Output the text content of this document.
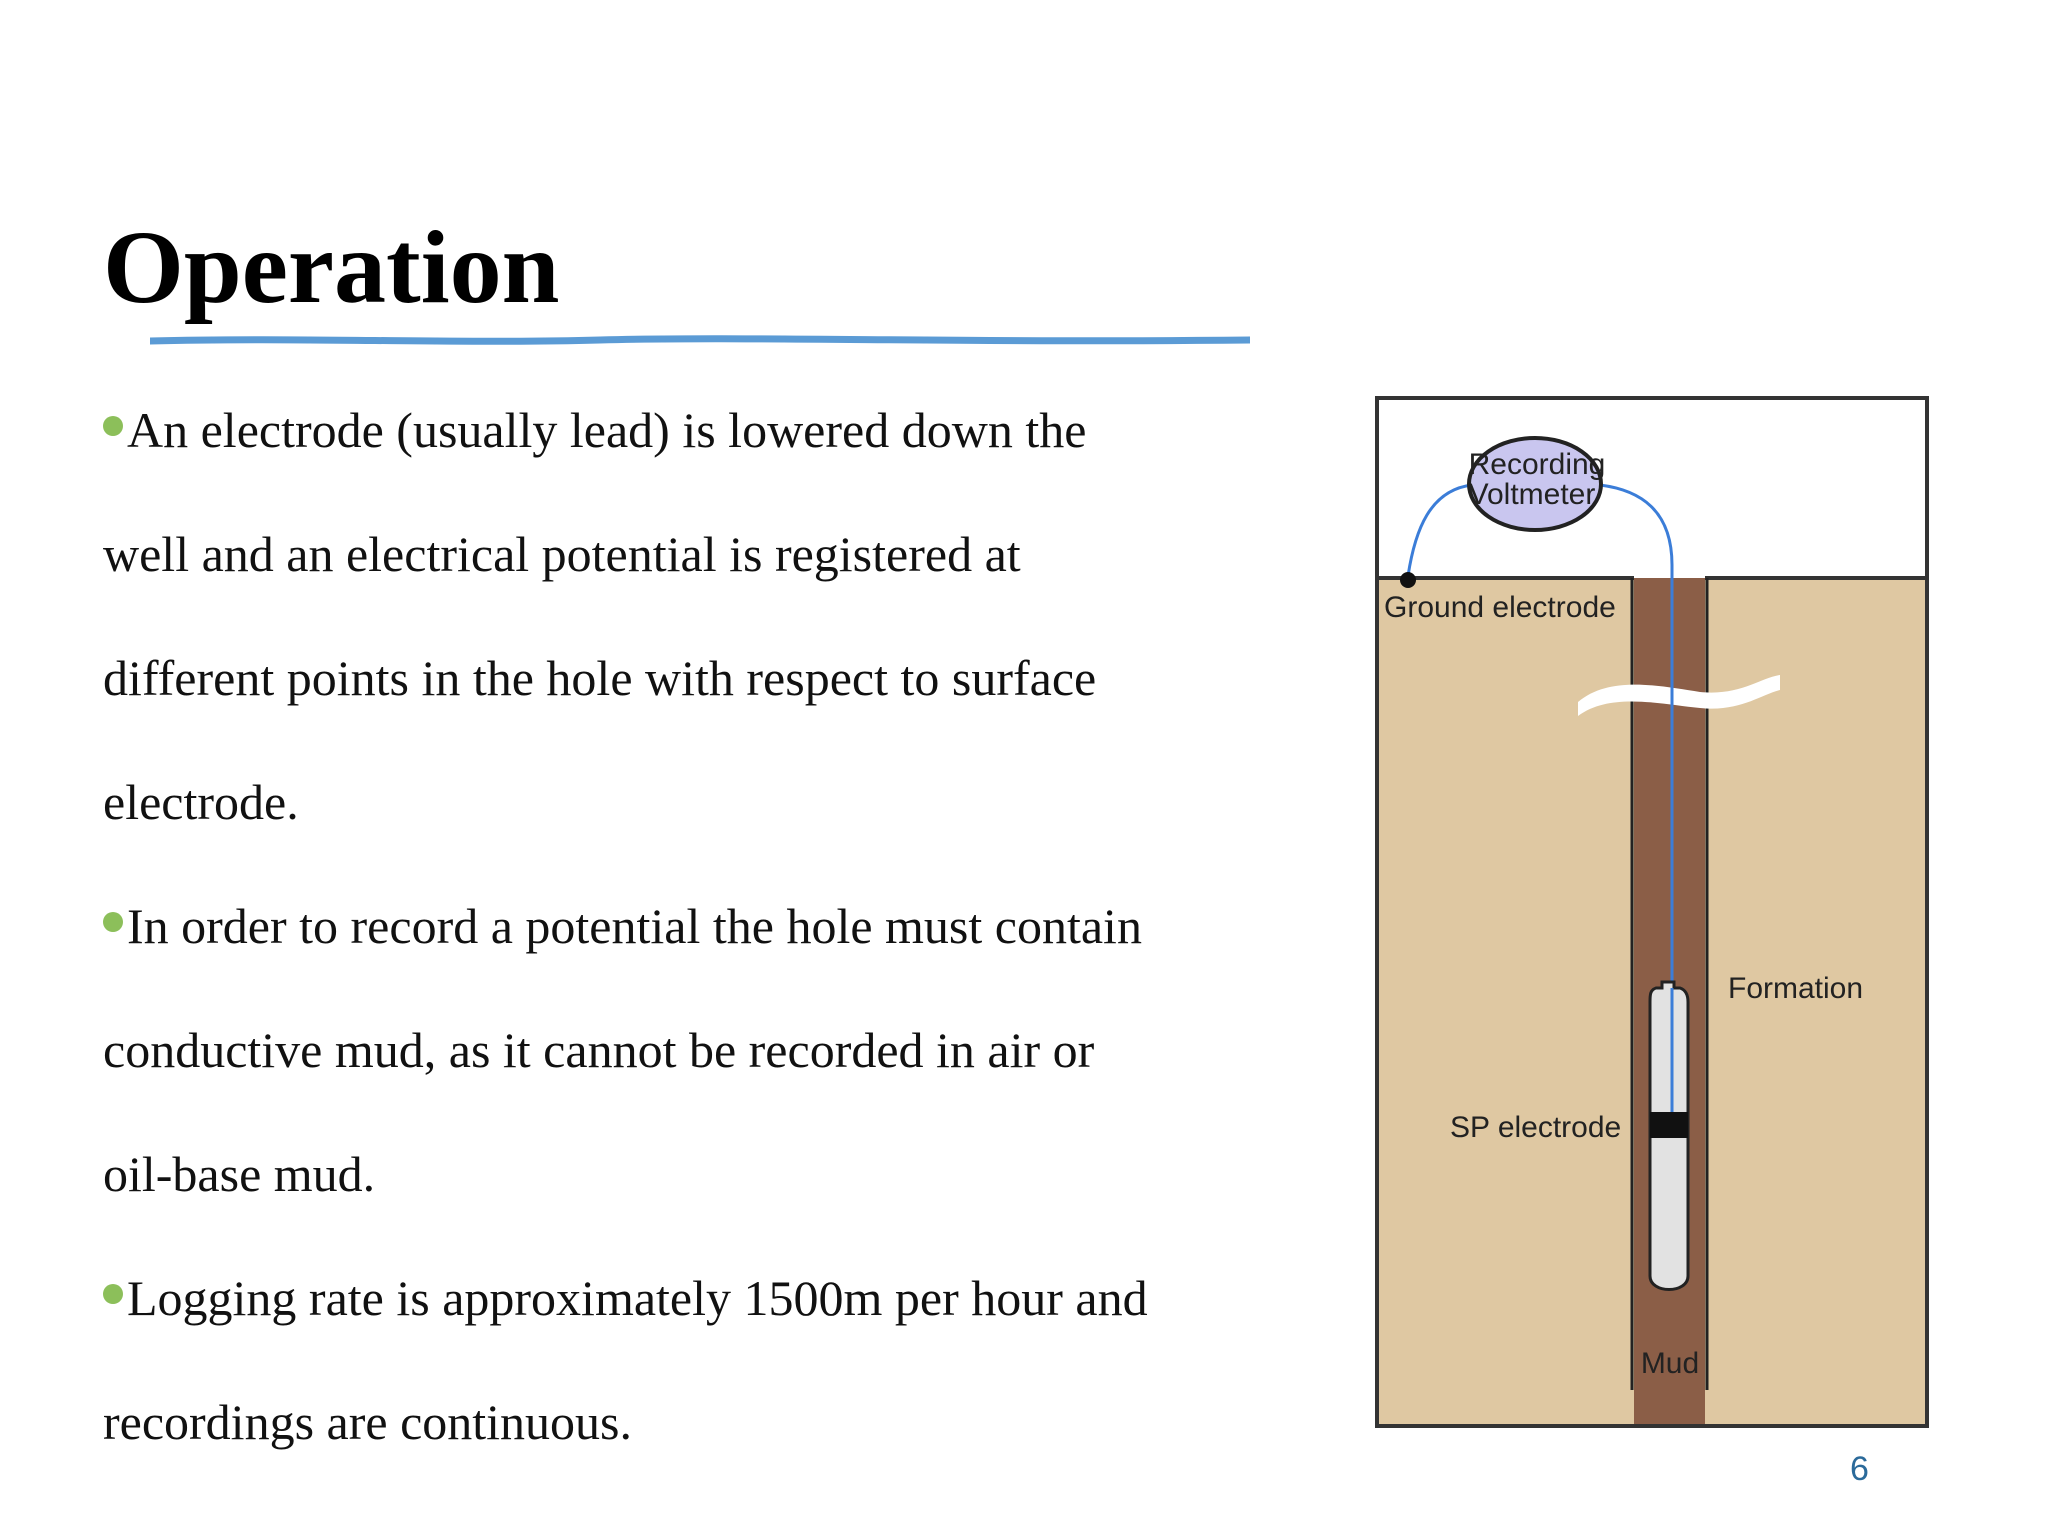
Operation

An electrode (usually lead) is lowered down the
well and an electrical potential is registered at
different points in the hole with respect to surface
electrode.

In order to record a potential the hole must contain
conductive mud, as it cannot be recorded in air or
oil-base mud.

Logging rate is approximately 1500m per hour and
recordings are continuous.

Recording
Voltmeter
Ground electrode
Formation
SP electrode
Mud
6
